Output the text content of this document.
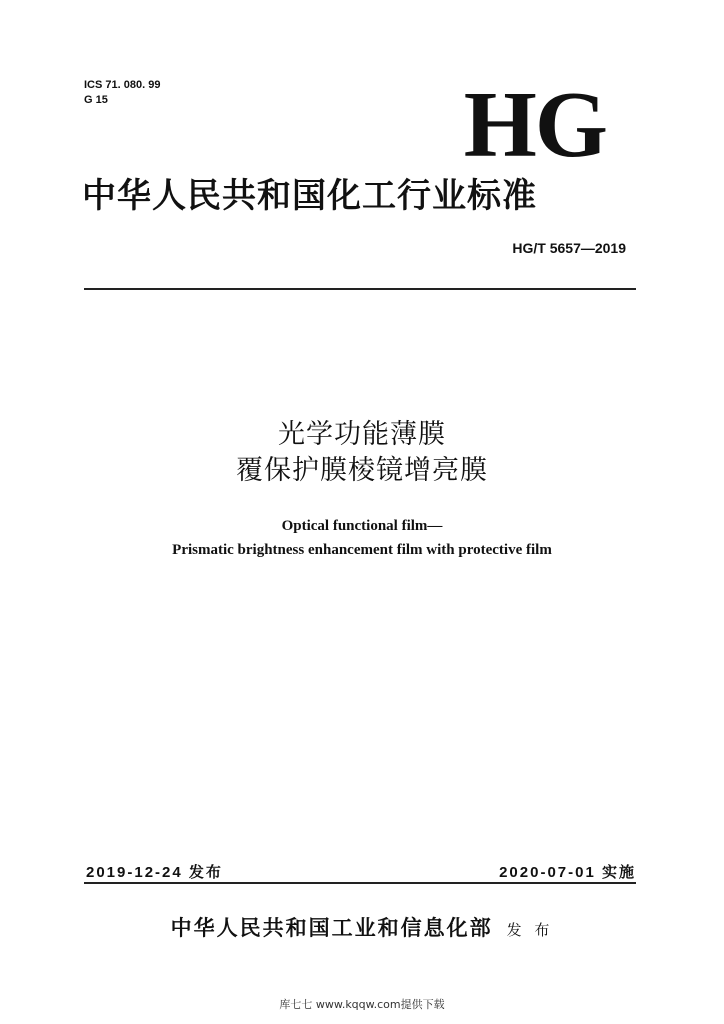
ICS 71. 080. 99
G 15	HG
中华人民共和国化工行业标准
HG/T 5657—2019
光学功能薄膜
覆保护膜棱镜增亮膜
Optical functional film—
Prismatic brightness enhancement film with protective film
2019-12-24 发布	2020-07-01 实施
中华人民共和国工业和信息化部 发 布
库七七 www.kqqw.com提供下载
